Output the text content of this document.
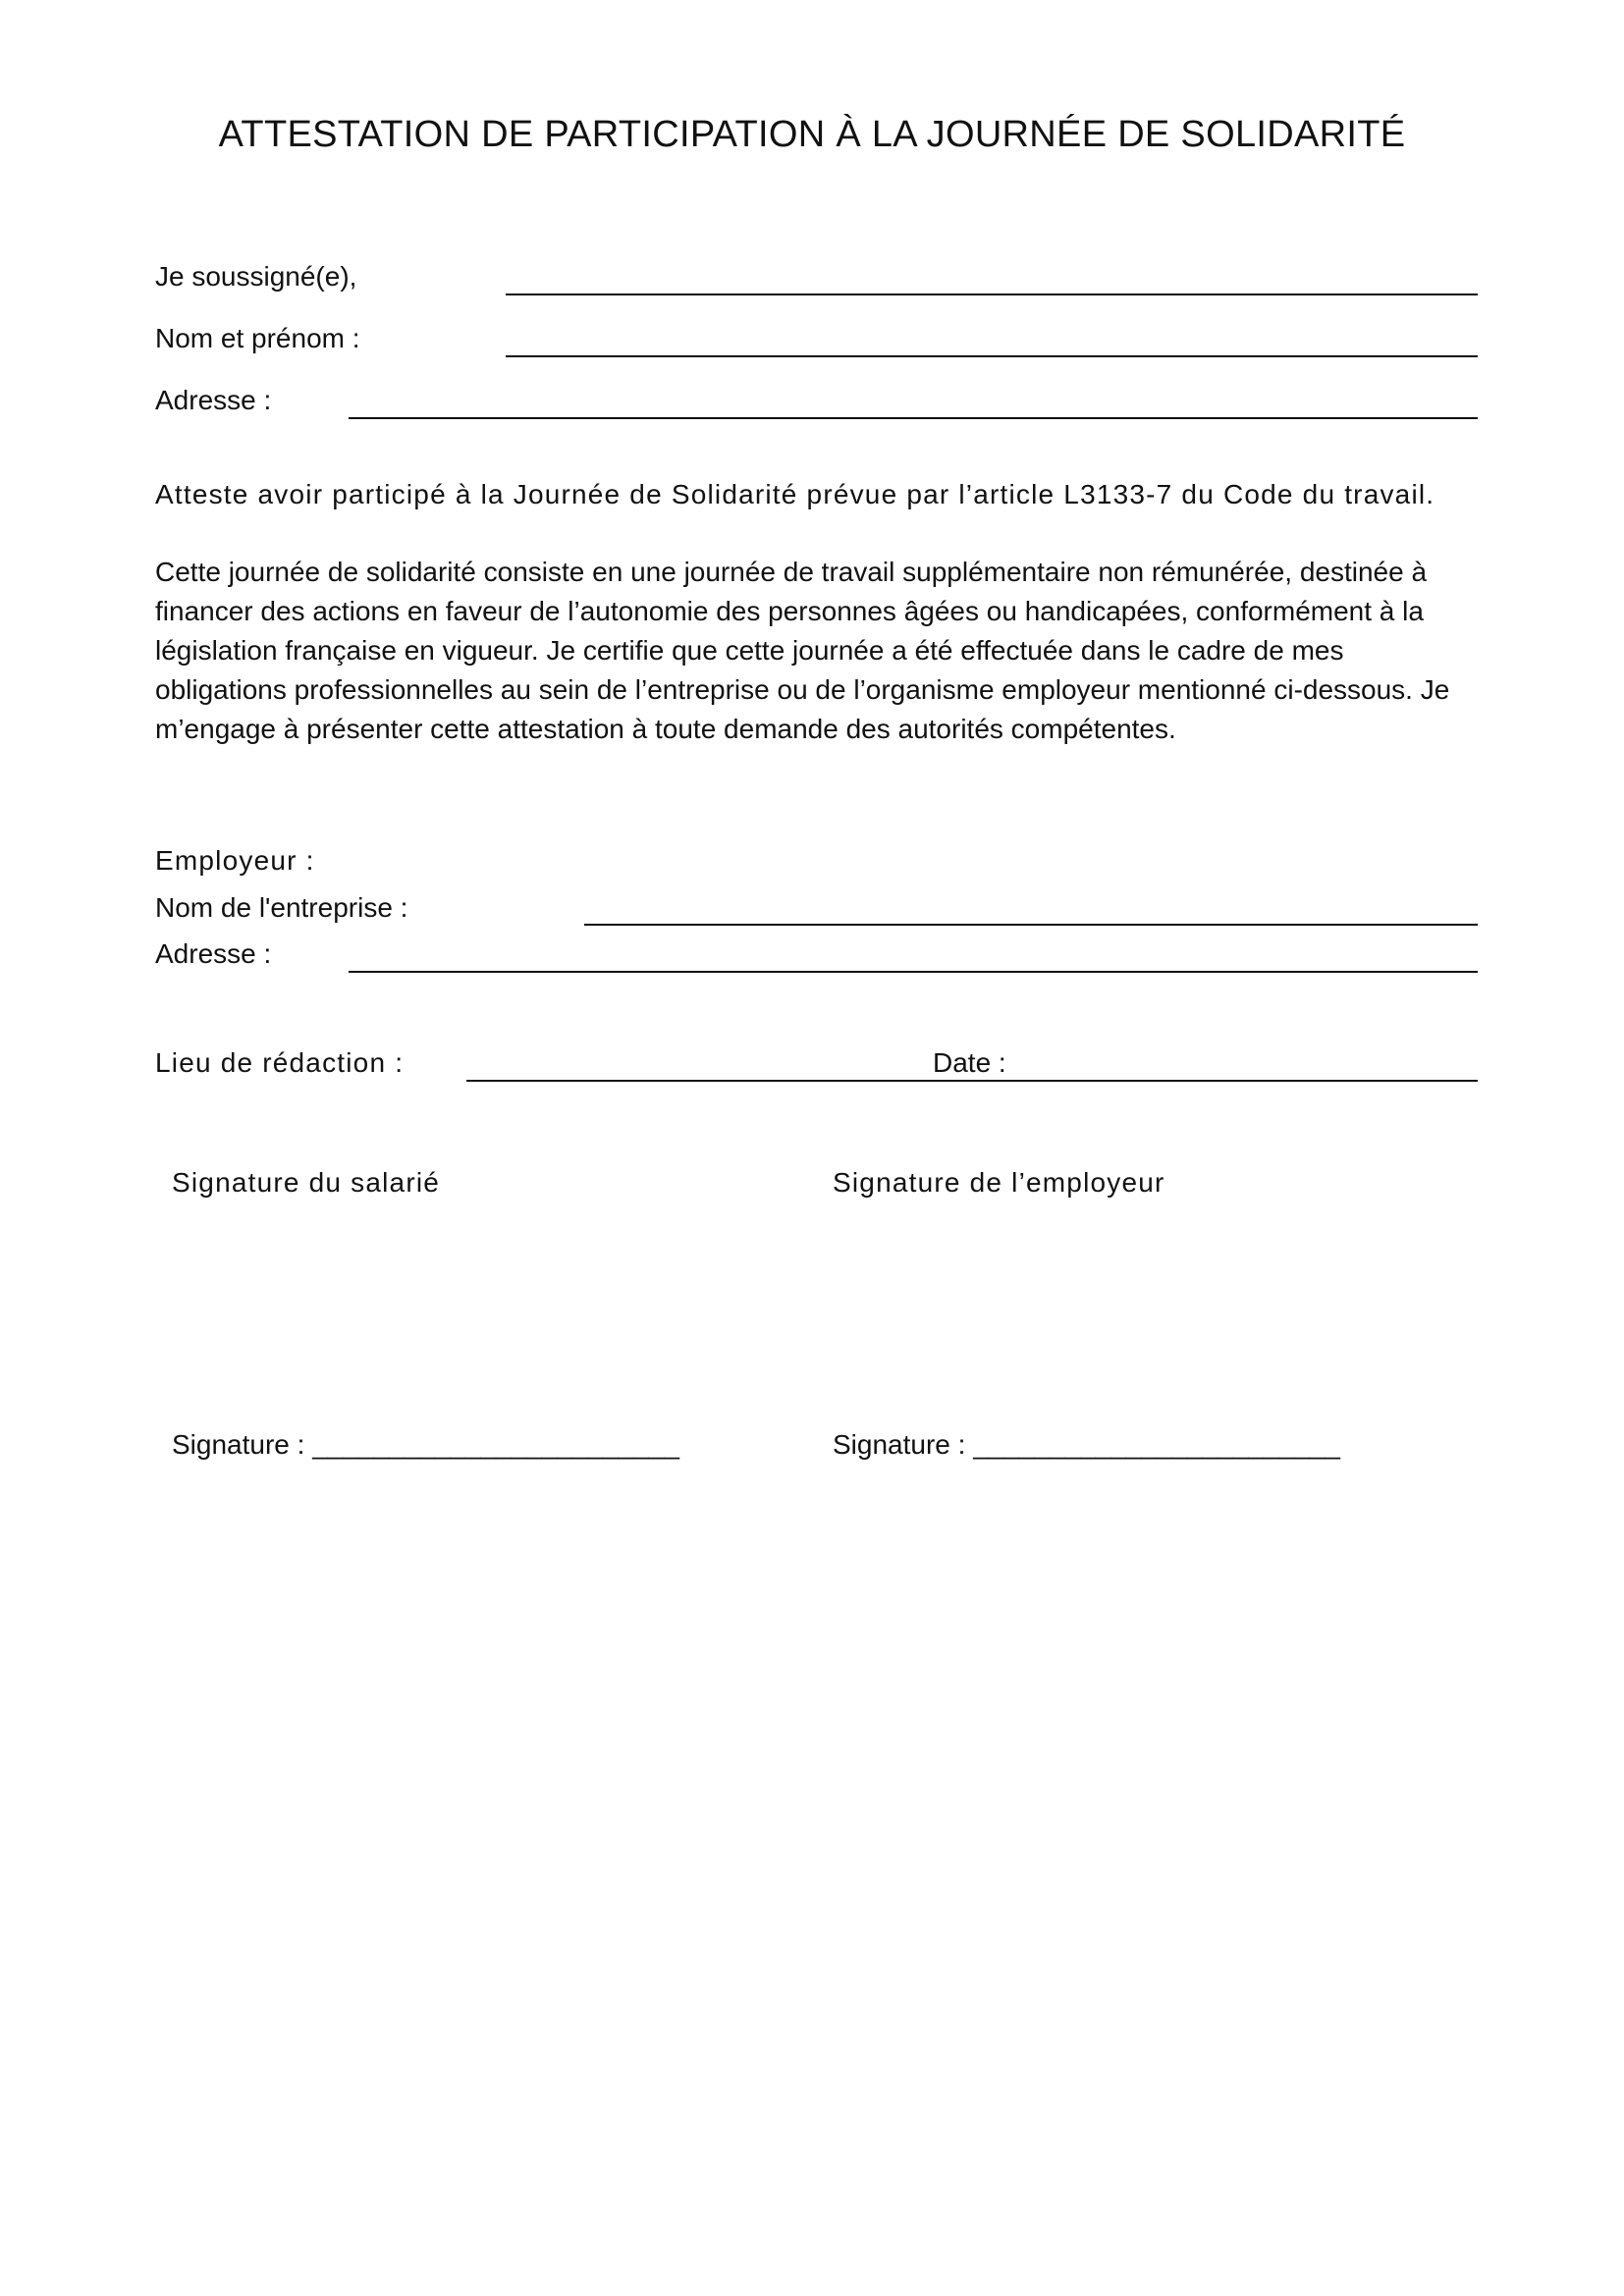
ATTESTATION DE PARTICIPATION À LA JOURNÉE DE SOLIDARITÉ
Je soussigné(e),
Nom et prénom :
Adresse :
Atteste avoir participé à la Journée de Solidarité prévue par l’article L3133-7 du Code du travail.
Cette journée de solidarité consiste en une journée de travail supplémentaire non rémunérée, destinée à
financer des actions en faveur de l’autonomie des personnes âgées ou handicapées, conformément à la
législation française en vigueur. Je certifie que cette journée a été effectuée dans le cadre de mes
obligations professionnelles au sein de l’entreprise ou de l’organisme employeur mentionné ci-dessous. Je
m’engage à présenter cette attestation à toute demande des autorités compétentes.
Employeur :
Nom de l'entreprise :
Adresse :
Lieu de rédaction :	Date :
Signature du salarié	Signature de l’employeur
Signature : ________________________	Signature : ________________________
